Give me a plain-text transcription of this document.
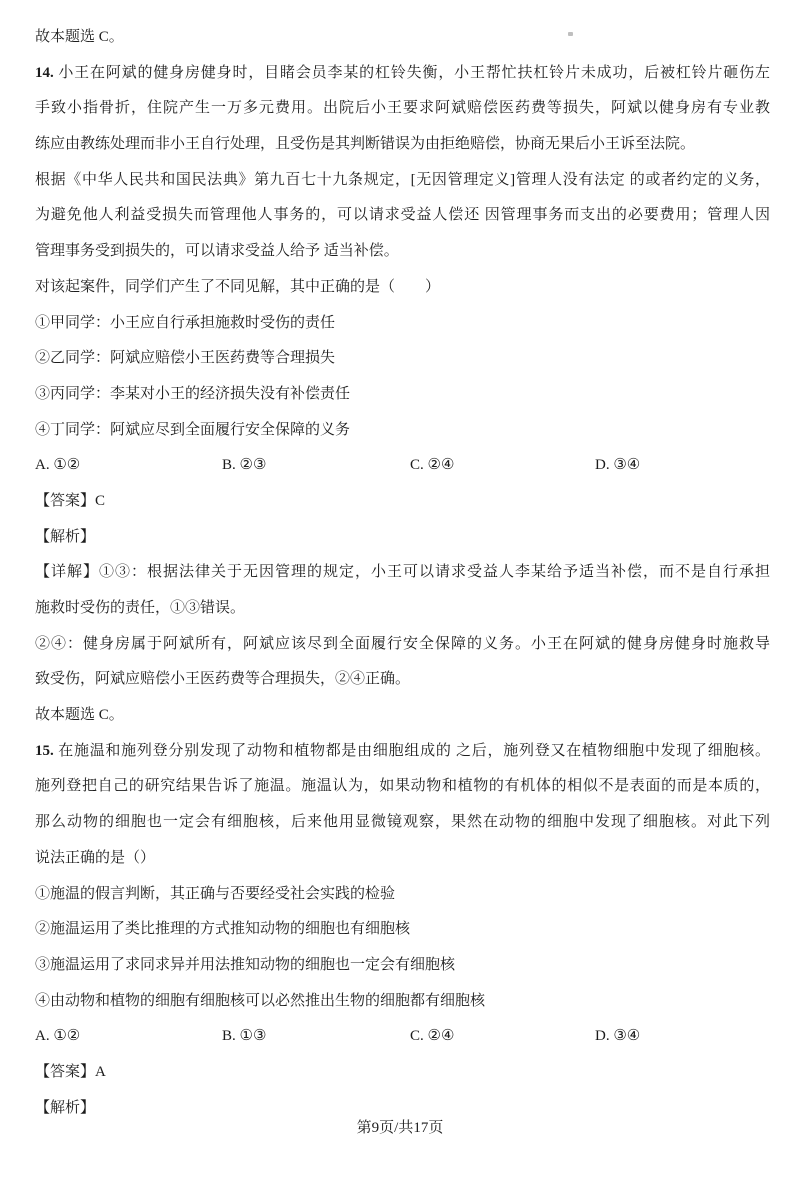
故本题选 C。
14. 小王在阿斌的健身房健身时，目睹会员李某的杠铃失衡，小王帮忙扶杠铃片未成功，后被杠铃片砸伤左
手致小指骨折，住院产生一万多元费用。出院后小王要求阿斌赔偿医药费等损失，阿斌以健身房有专业教
练应由教练处理而非小王自行处理，且受伤是其判断错误为由拒绝赔偿，协商无果后小王诉至法院。
根据《中华人民共和国民法典》第九百七十九条规定，[无因管理定义]管理人没有法定 的或者约定的义务，
为避免他人利益受损失而管理他人事务的，可以请求受益人偿还 因管理事务而支出的必要费用；管理人因
管理事务受到损失的，可以请求受益人给予 适当补偿。
对该起案件，同学们产生了不同见解，其中正确的是（　　）
①甲同学：小王应自行承担施救时受伤的责任
②乙同学：阿斌应赔偿小王医药费等合理损失
③丙同学：李某对小王的经济损失没有补偿责任
④丁同学：阿斌应尽到全面履行安全保障的义务
A. ①②	B. ②③	C. ②④	D. ③④
【答案】C
【解析】
【详解】①③：根据法律关于无因管理的规定，小王可以请求受益人李某给予适当补偿，而不是自行承担
施救时受伤的责任，①③错误。
②④：健身房属于阿斌所有，阿斌应该尽到全面履行安全保障的义务。小王在阿斌的健身房健身时施救导
致受伤，阿斌应赔偿小王医药费等合理损失，②④正确。
故本题选 C。
15. 在施温和施列登分别发现了动物和植物都是由细胞组成的 之后，施列登又在植物细胞中发现了细胞核。
施列登把自己的研究结果告诉了施温。施温认为，如果动物和植物的有机体的相似不是表面的而是本质的，
那么动物的细胞也一定会有细胞核，后来他用显微镜观察，果然在动物的细胞中发现了细胞核。对此下列
说法正确的是（）
①施温的假言判断，其正确与否要经受社会实践的检验
②施温运用了类比推理的方式推知动物的细胞也有细胞核
③施温运用了求同求异并用法推知动物的细胞也一定会有细胞核
④由动物和植物的细胞有细胞核可以必然推出生物的细胞都有细胞核
A. ①②	B. ①③	C. ②④	D. ③④
【答案】A
【解析】
第9页/共17页
